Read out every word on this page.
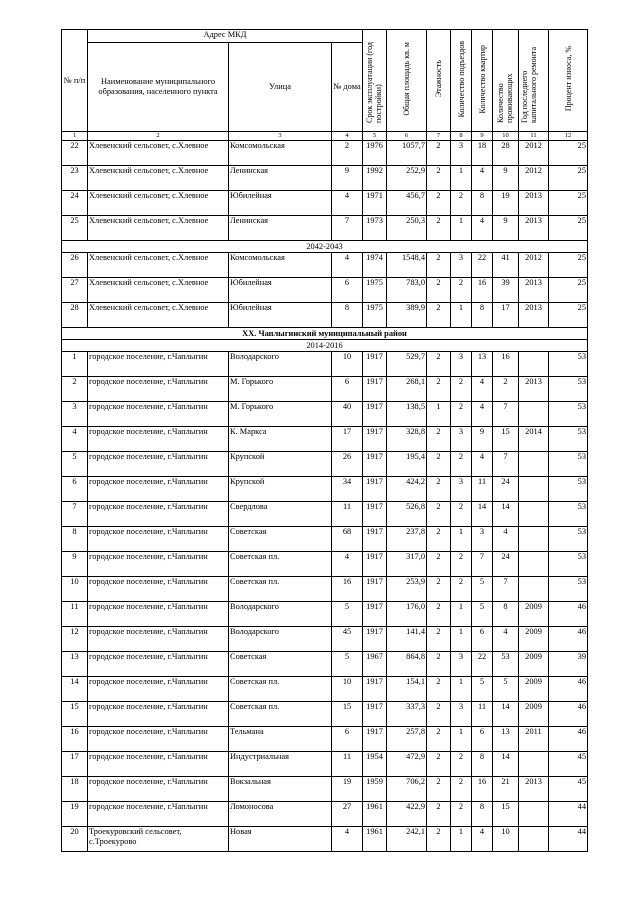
№ п/п	Адрес МКД			Срок эксплуатации (год постройки)	Общая площадь кв. м	Этажность	Количество подъездов	Количество квартир	Количество проживающих	Год последнего капитального ремонта	Процент износа, %
	Наименование муниципального образования, населенного пункта	Улица	№ дома								
1	2	3	4	5	6	7	8	9	10	11	12
22	Хлевенский сельсовет, с.Хлевное	Комсомольская	2	1976	1057,7	2	3	18	28	2012	25
23	Хлевенский сельсовет, с.Хлевное	Ленинская	9	1992	252,9	2	1	4	9	2012	25
24	Хлевенский сельсовет, с.Хлевное	Юбилейная	4	1971	456,7	2	2	8	19	2013	25
25	Хлевенский сельсовет, с.Хлевное	Ленинская	7	1973	250,3	2	1	4	9	2013	25
2042-2043											
26	Хлевенский сельсовет, с.Хлевное	Комсомольская	4	1974	1548,4	2	3	22	41	2012	25
27	Хлевенский сельсовет, с.Хлевное	Юбилейная	6	1975	783,0	2	2	16	39	2013	25
28	Хлевенский сельсовет, с.Хлевное	Юбилейная	8	1975	389,9	2	1	8	17	2013	25
XX. Чаплыгинский муниципальный район											
2014-2016											
1	городское поселение, г.Чаплыгин	Володарского	10	1917	529,7	2	3	13	16		53
2	городское поселение, г.Чаплыгин	М. Горького	6	1917	268,1	2	2	4	2	2013	53
3	городское поселение, г.Чаплыгин	М. Горького	40	1917	138,5	1	2	4	7		53
4	городское поселение, г.Чаплыгин	К. Маркса	17	1917	328,8	2	3	9	15	2014	53
5	городское поселение, г.Чаплыгин	Крупской	26	1917	195,4	2	2	4	7		53
6	городское поселение, г.Чаплыгин	Крупской	34	1917	424,2	2	3	11	24		53
7	городское поселение, г.Чаплыгин	Свердлова	11	1917	526,8	2	2	14	14		53
8	городское поселение, г.Чаплыгин	Советская	68	1917	237,8	2	1	3	4		53
9	городское поселение, г.Чаплыгин	Советская пл.	4	1917	317,0	2	2	7	24		53
10	городское поселение, г.Чаплыгин	Советская пл.	16	1917	253,9	2	2	5	7		53
11	городское поселение, г.Чаплыгин	Володарского	5	1917	176,0	2	1	5	8	2009	46
12	городское поселение, г.Чаплыгин	Володарского	45	1917	141,4	2	1	6	4	2009	46
13	городское поселение, г.Чаплыгин	Советская	5	1967	864,8	2	3	22	53	2009	39
14	городское поселение, г.Чаплыгин	Советская пл.	10	1917	154,1	2	1	5	5	2009	46
15	городское поселение, г.Чаплыгин	Советская пл.	15	1917	337,3	2	3	11	14	2009	46
16	городское поселение, г.Чаплыгин	Тельмана	6	1917	257,8	2	1	6	13	2011	46
17	городское поселение, г.Чаплыгин	Индустриальная	11	1954	472,9	2	2	8	14		45
18	городское поселение, г.Чаплыгин	Вокзальная	19	1959	706,2	2	2	16	21	2013	45
19	городское поселение, г.Чаплыгин	Ломоносова	27	1961	422,9	2	2	8	15		44
20	Троекуровский сельсовет, с.Троекурово	Новая	4	1961	242,1	2	1	4	10		44
